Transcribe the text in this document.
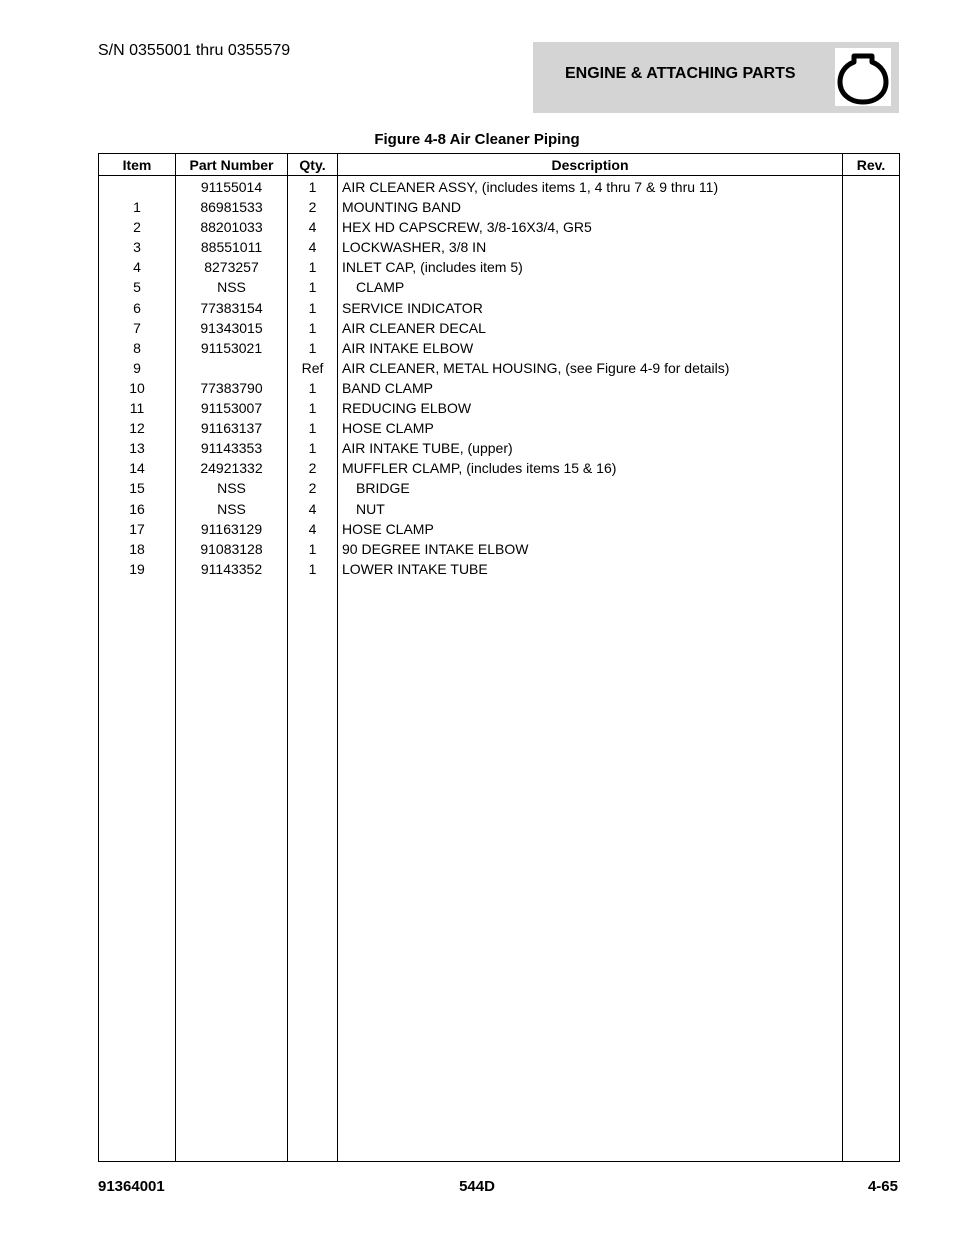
S/N 0355001 thru 0355579
ENGINE & ATTACHING PARTS
Figure 4-8 Air Cleaner Piping
Item	Part Number	Qty.	Description	Rev.
	91155014	1	AIR CLEANER ASSY, (includes items 1, 4 thru 7 & 9 thru 11)	
1	86981533	2	MOUNTING BAND	
2	88201033	4	HEX HD CAPSCREW, 3/8-16X3/4, GR5	
3	88551011	4	LOCKWASHER, 3/8 IN	
4	8273257	1	INLET CAP, (includes item 5)	
5	NSS	1	CLAMP	
6	77383154	1	SERVICE INDICATOR	
7	91343015	1	AIR CLEANER DECAL	
8	91153021	1	AIR INTAKE ELBOW	
9		Ref	AIR CLEANER, METAL HOUSING, (see Figure 4-9 for details)	
10	77383790	1	BAND CLAMP	
11	91153007	1	REDUCING ELBOW	
12	91163137	1	HOSE CLAMP	
13	91143353	1	AIR INTAKE TUBE, (upper)	
14	24921332	2	MUFFLER CLAMP, (includes items 15 & 16)	
15	NSS	2	BRIDGE	
16	NSS	4	NUT	
17	91163129	4	HOSE CLAMP	
18	91083128	1	90 DEGREE INTAKE ELBOW	
19	91143352	1	LOWER INTAKE TUBE	

91364001	544D	4-65
